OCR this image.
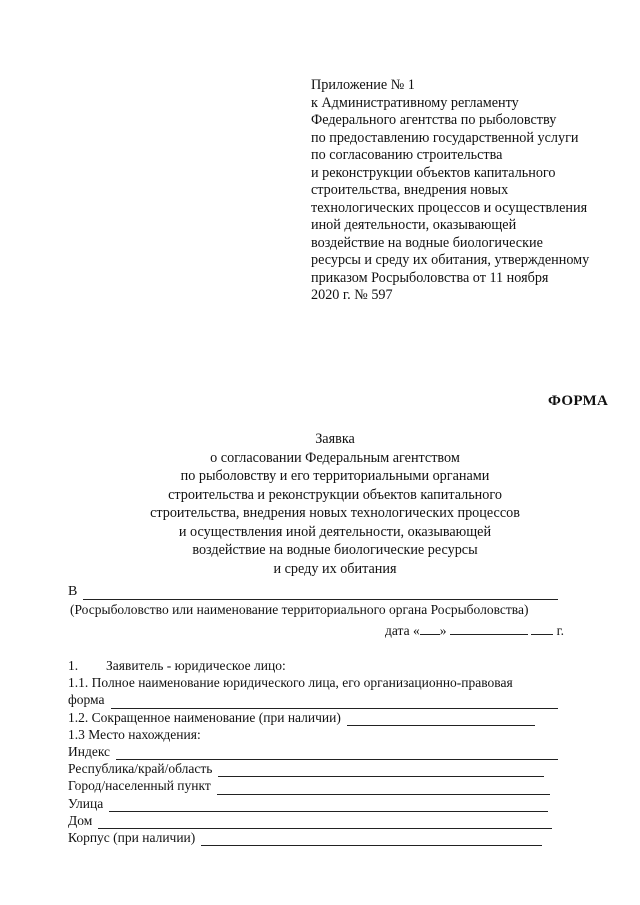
Приложение № 1
к Административному регламенту
Федерального агентства по рыболовству
по предоставлению государственной услуги
по согласованию строительства
и реконструкции объектов капитального
строительства, внедрения новых
технологических процессов и осуществления
иной деятельности, оказывающей
воздействие на водные биологические
ресурсы и среду их обитания, утвержденному
приказом Росрыболовства от 11 ноября
2020 г. № 597
ФОРМА
Заявка
о согласовании Федеральным агентством
по рыболовству и его территориальными органами
строительства и реконструкции объектов капитального
строительства, внедрения новых технологических процессов
и осуществления иной деятельности, оказывающей
воздействие на водные биологические ресурсы
и среду их обитания
В
(Росрыболовство или наименование территориального органа Росрыболовства)
дата « »	г.
1.	Заявитель - юридическое лицо:
1.1. Полное наименование юридического лица, его организационно-правовая
форма
1.2. Сокращенное наименование (при наличии)
1.3 Место нахождения:
Индекс
Республика/край/область
Город/населенный пункт
Улица
Дом
Корпус (при наличии)
